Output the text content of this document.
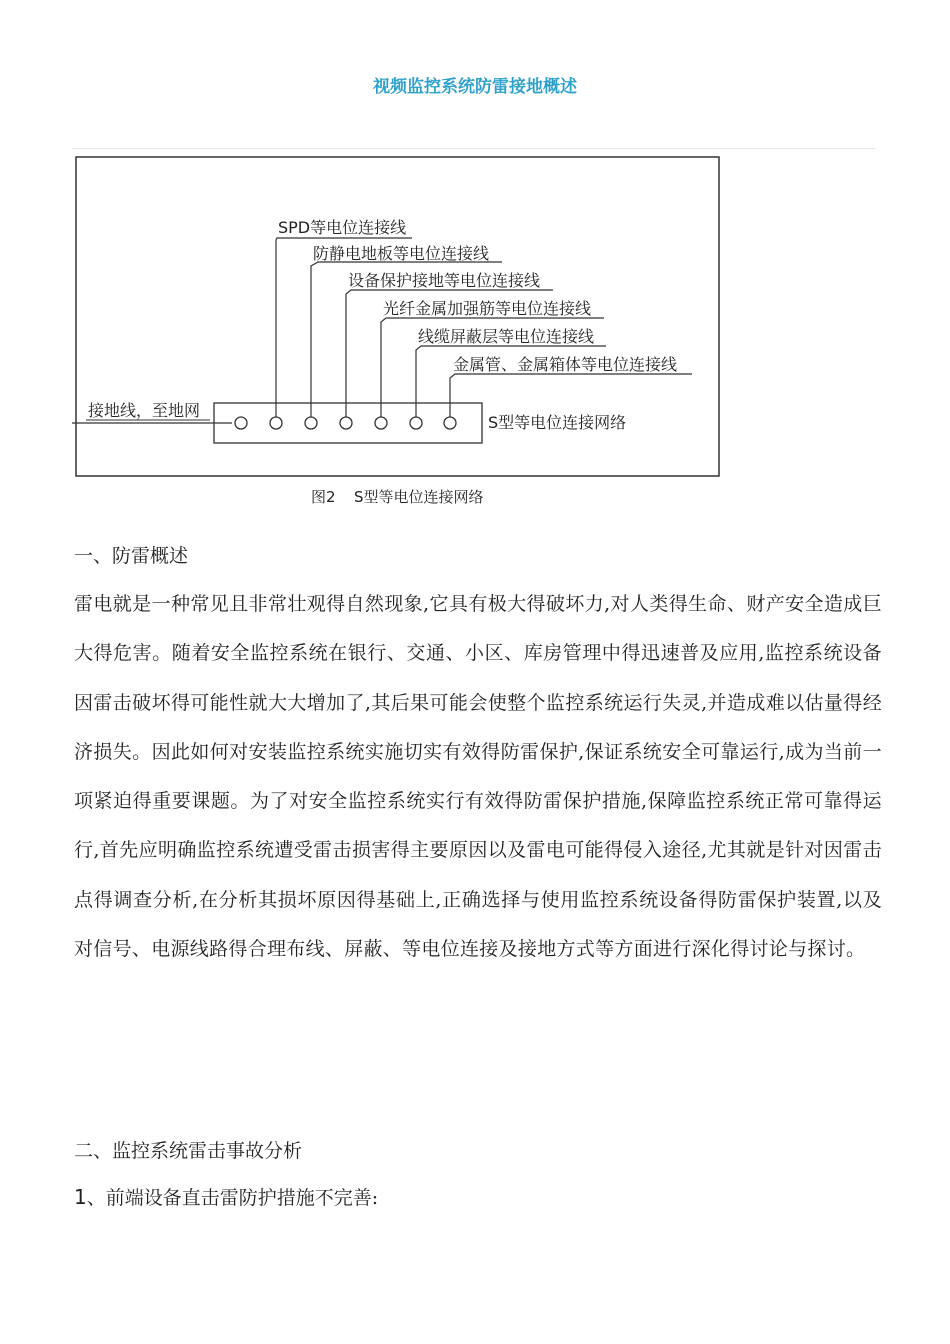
视频监控系统防雷接地概述
SPD等电位连接线
防静电地板等电位连接线
设备保护接地等电位连接线
光纤金属加强筋等电位连接线
线缆屏蔽层等电位连接线
金属管、金属箱体等电位连接线
接地线，至地网
S型等电位连接网络
图2 S型等电位连接网络
一、防雷概述
雷电就是一种常见且非常壮观得自然现象,它具有极大得破坏力,对人类得生命、财产安全造成巨大得危害。随着安全监控系统在银行、交通、小区、库房管理中得迅速普及应用,监控系统设备因雷击破坏得可能性就大大增加了,其后果可能会使整个监控系统运行失灵,并造成难以估量得经济损失。因此如何对安装监控系统实施切实有效得防雷保护,保证系统安全可靠运行,成为当前一项紧迫得重要课题。为了对安全监控系统实行有效得防雷保护措施,保障监控系统正常可靠得运行,首先应明确监控系统遭受雷击损害得主要原因以及雷电可能得侵入途径,尤其就是针对因雷击点得调查分析,在分析其损坏原因得基础上,正确选择与使用监控系统设备得防雷保护装置,以及对信号、电源线路得合理布线、屏蔽、等电位连接及接地方式等方面进行深化得讨论与探讨。
二、监控系统雷击事故分析
1、前端设备直击雷防护措施不完善:
